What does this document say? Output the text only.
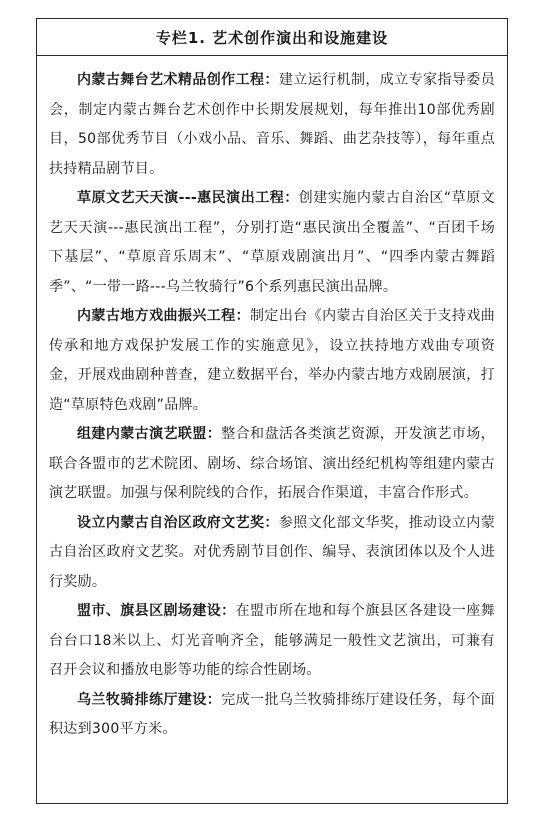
专栏1. 艺术创作演出和设施建设

内蒙古舞台艺术精品创作工程：建立运行机制，成立专家指导委员会，制定内蒙古舞台艺术创作中长期发展规划，每年推出10部优秀剧目，50部优秀节目（小戏小品、音乐、舞蹈、曲艺杂技等），每年重点扶持精品剧节目。

草原文艺天天演---惠民演出工程：创建实施内蒙古自治区“草原文艺天天演---惠民演出工程”，分别打造“惠民演出全覆盖”、“百团千场下基层”、“草原音乐周末”、“草原戏剧演出月”、“四季内蒙古舞蹈季”、“一带一路---乌兰牧骑行”6个系列惠民演出品牌。

内蒙古地方戏曲振兴工程：制定出台《内蒙古自治区关于支持戏曲传承和地方戏保护发展工作的实施意见》，设立扶持地方戏曲专项资金，开展戏曲剧种普查，建立数据平台，举办内蒙古地方戏剧展演，打造“草原特色戏剧”品牌。

组建内蒙古演艺联盟：整合和盘活各类演艺资源，开发演艺市场，联合各盟市的艺术院团、剧场、综合场馆、演出经纪机构等组建内蒙古演艺联盟。加强与保利院线的合作，拓展合作渠道，丰富合作形式。

设立内蒙古自治区政府文艺奖：参照文化部文华奖，推动设立内蒙古自治区政府文艺奖。对优秀剧节目创作、编导、表演团体以及个人进行奖励。

盟市、旗县区剧场建设：在盟市所在地和每个旗县区各建设一座舞台台口18米以上、灯光音响齐全，能够满足一般性文艺演出，可兼有召开会议和播放电影等功能的综合性剧场。

乌兰牧骑排练厅建设：完成一批乌兰牧骑排练厅建设任务，每个面积达到300平方米。
